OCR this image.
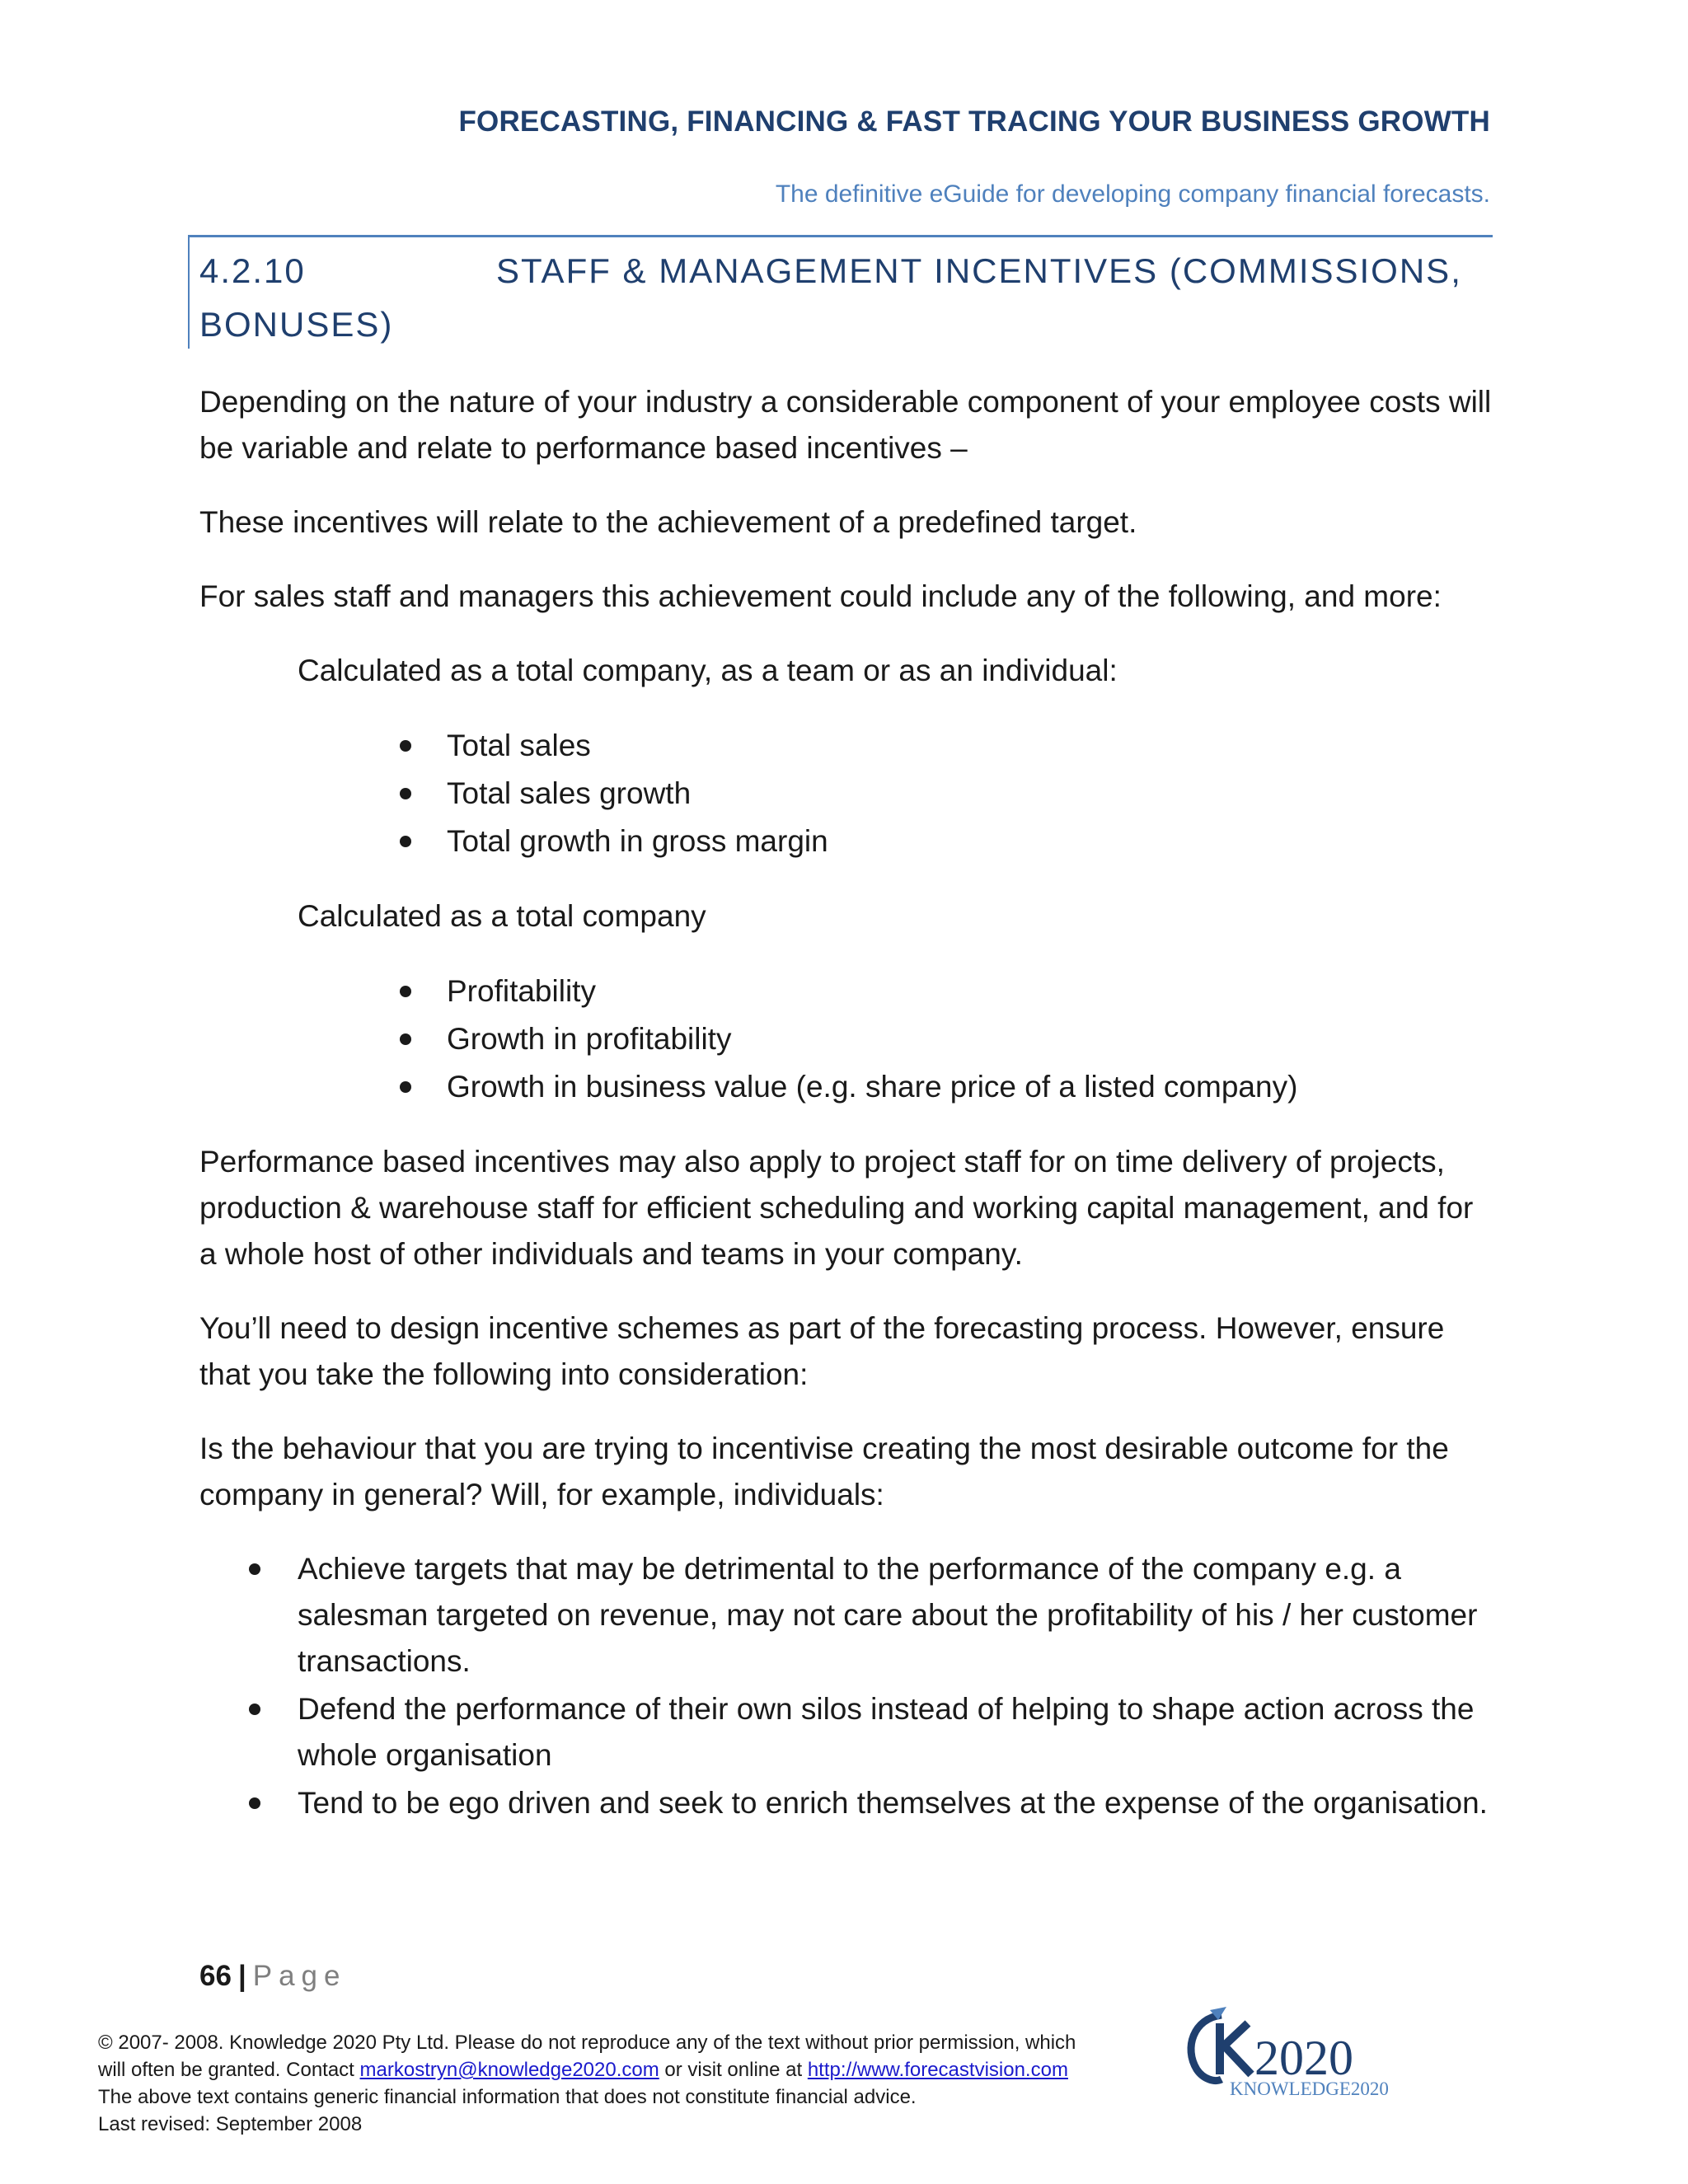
FORECASTING, FINANCING & FAST TRACING YOUR BUSINESS GROWTH
The definitive eGuide for developing company financial forecasts.
4.2.10	STAFF & MANAGEMENT INCENTIVES (COMMISSIONS, BONUSES)

Depending on the nature of your industry a considerable component of your employee costs will be variable and relate to performance based incentives –

These incentives will relate to the achievement of a predefined target.

For sales staff and managers this achievement could include any of the following, and more:

Calculated as a total company, as a team or as an individual:

Total sales
Total sales growth
Total growth in gross margin

Calculated as a total company

Profitability
Growth in profitability
Growth in business value (e.g. share price of a listed company)

Performance based incentives may also apply to project staff for on time delivery of projects, production & warehouse staff for efficient scheduling and working capital management, and for a whole host of other individuals and teams in your company.

You’ll need to design incentive schemes as part of the forecasting process. However, ensure that you take the following into consideration:

Is the behaviour that you are trying to incentivise creating the most desirable outcome for the company in general? Will, for example, individuals:

Achieve targets that may be detrimental to the performance of the company e.g. a salesman targeted on revenue, may not care about the profitability of his / her customer transactions.
Defend the performance of their own silos instead of helping to shape action across the whole organisation
Tend to be ego driven and seek to enrich themselves at the expense of the organisation.
66 | Page
© 2007- 2008. Knowledge 2020 Pty Ltd. Please do not reproduce any of the text without prior permission, which
will often be granted. Contact markostryn@knowledge2020.com or visit online at http://www.forecastvision.com
The above text contains generic financial information that does not constitute financial advice.
Last revised: September 2008
2020
KNOWLEDGE2020
